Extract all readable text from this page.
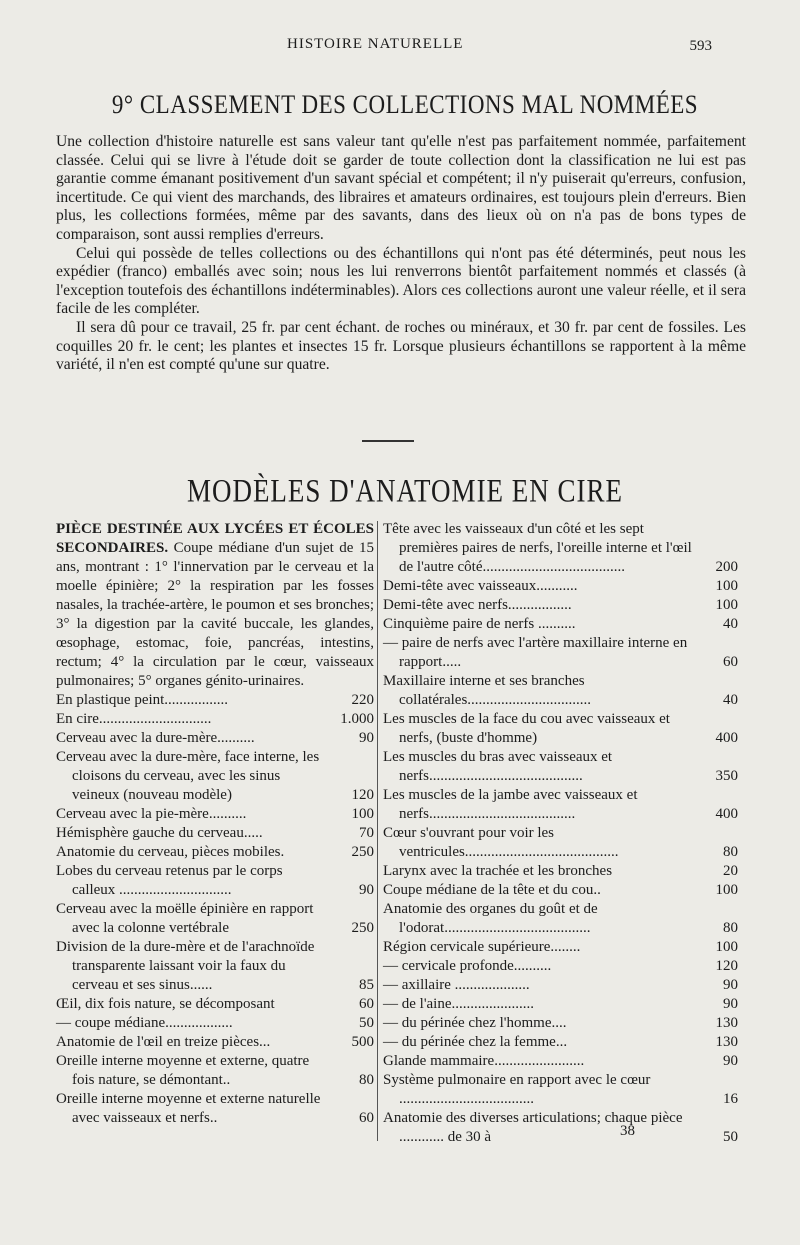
HISTOIRE NATURELLE	593
9° CLASSEMENT DES COLLECTIONS MAL NOMMÉES

Une collection d'histoire naturelle est sans valeur tant qu'elle n'est pas parfaitement nommée, parfaitement classée. Celui qui se livre à l'étude doit se garder de toute collection dont la classification ne lui est pas garantie comme émanant positivement d'un savant spécial et compétent; il n'y puiserait qu'erreurs, confusion, incertitude. Ce qui vient des marchands, des libraires et amateurs ordinaires, est toujours plein d'erreurs. Bien plus, les collections formées, même par des savants, dans des lieux où on n'a pas de bons types de comparaison, sont aussi remplies d'erreurs.

Celui qui possède de telles collections ou des échantillons qui n'ont pas été déterminés, peut nous les expédier (franco) emballés avec soin; nous les lui renverrons bientôt parfaitement nommés et classés (à l'exception toutefois des échantillons indéterminables). Alors ces collections auront une valeur réelle, et il sera facile de les compléter.

Il sera dû pour ce travail, 25 fr. par cent échant. de roches ou minéraux, et 30 fr. par cent de fossiles. Les coquilles 20 fr. le cent; les plantes et insectes 15 fr. Lorsque plusieurs échantillons se rapportent à la même variété, il n'en est compté qu'une sur quatre.

MODÈLES D'ANATOMIE EN CIRE

PIÈCE DESTINÉE AUX LYCÉES ET ÉCOLES SECONDAIRES. Coupe médiane d'un sujet de 15 ans, montrant : 1° l'innervation par le cerveau et la moelle épinière; 2° la respiration par les fosses nasales, la trachée-artère, le poumon et ses bronches; 3° la digestion par la cavité buccale, les glandes, œsophage, estomac, foie, pancréas, intestins, rectum; 4° la circulation par le cœur, vaisseaux pulmonaires; 5° organes génito-urinaires.

En plastique peint.................	220
En cire..............................	1.000
Cerveau avec la dure-mère..........	90
Cerveau avec la dure-mère, face interne, les cloisons du cerveau, avec les sinus veineux (nouveau modèle)	120
Cerveau avec la pie-mère..........	100
Hémisphère gauche du cerveau.....	70
Anatomie du cerveau, pièces mobiles.	250
Lobes du cerveau retenus par le corps calleux ..............................	90
Cerveau avec la moëlle épinière en rapport avec la colonne vertébrale	250
Division de la dure-mère et de l'arachnoïde transparente laissant voir la faux du cerveau et ses sinus......	85
Œil, dix fois nature, se décomposant	60
— coupe médiane..................	50
Anatomie de l'œil en treize pièces...	500
Oreille interne moyenne et externe, quatre fois nature, se démontant..	80
Oreille interne moyenne et externe naturelle avec vaisseaux et nerfs..	60
Tête avec les vaisseaux d'un côté et les sept premières paires de nerfs, l'oreille interne et l'œil de l'autre côté......................................	200
Demi-tête avec vaisseaux...........	100
Demi-tête avec nerfs.................	100
Cinquième paire de nerfs ..........	40
— paire de nerfs avec l'artère maxillaire interne en rapport.....	60
Maxillaire interne et ses branches collatérales.................................	40
Les muscles de la face du cou avec vaisseaux et nerfs, (buste d'homme)	400
Les muscles du bras avec vaisseaux et nerfs.........................................	350
Les muscles de la jambe avec vaisseaux et nerfs.......................................	400
Cœur s'ouvrant pour voir les ventricules.........................................	80
Larynx avec la trachée et les bronches	20
Coupe médiane de la tête et du cou..	100
Anatomie des organes du goût et de l'odorat.......................................	80
Région cervicale supérieure........	100
— cervicale profonde..........	120
— axillaire ....................	90
— de l'aine......................	90
— du périnée chez l'homme....	130
— du périnée chez la femme...	130
Glande mammaire........................	90
Système pulmonaire en rapport avec le cœur ....................................	16
Anatomie des diverses articulations; chaque pièce ............ de 30 à	50
38
